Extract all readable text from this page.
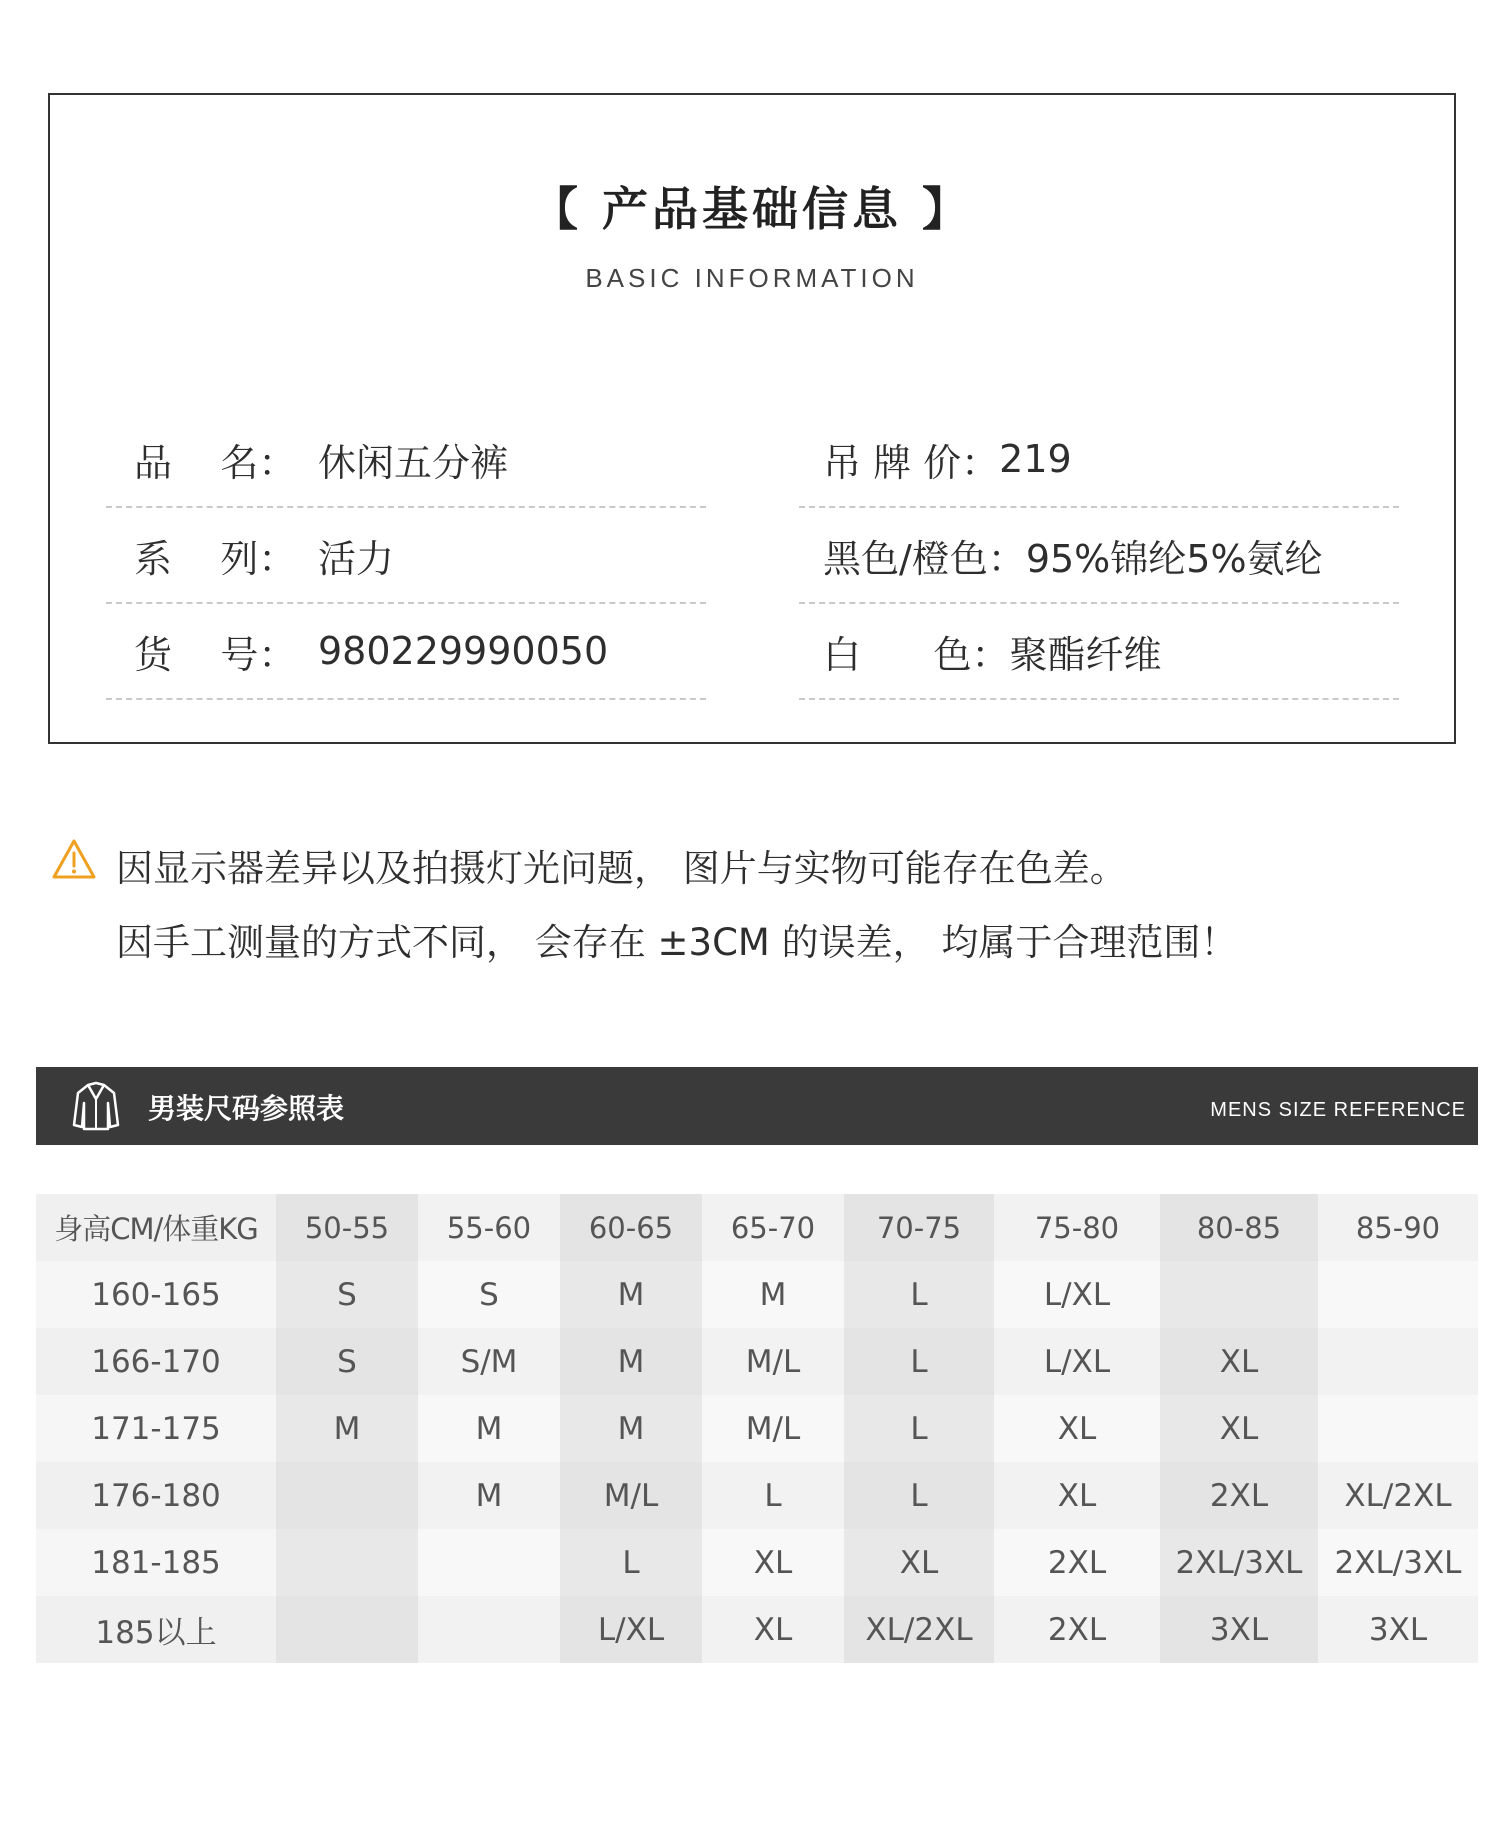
【 产品基础信息 】
BASIC INFORMATION
品    名： 休闲五分裤
系    列： 活力
货    号： 980229990050
吊 牌 价： 219
黑色/橙色： 95%锦纶5%氨纶
白      色： 聚酯纤维
因显示器差异以及拍摄灯光问题， 图片与实物可能存在色差。
因手工测量的方式不同， 会存在 ±3CM 的误差， 均属于合理范围！
男装尺码参照表	MENS SIZE REFERENCE
身高CM/体重KG	50-55	55-60	60-65	65-70	70-75	75-80	80-85	85-90
160-165	S	S	M	M	L	L/XL		
166-170	S	S/M	M	M/L	L	L/XL	XL	
171-175	M	M	M	M/L	L	XL	XL	
176-180		M	M/L	L	L	XL	2XL	XL/2XL
181-185			L	XL	XL	2XL	2XL/3XL	2XL/3XL
185以上			L/XL	XL	XL/2XL	2XL	3XL	3XL
